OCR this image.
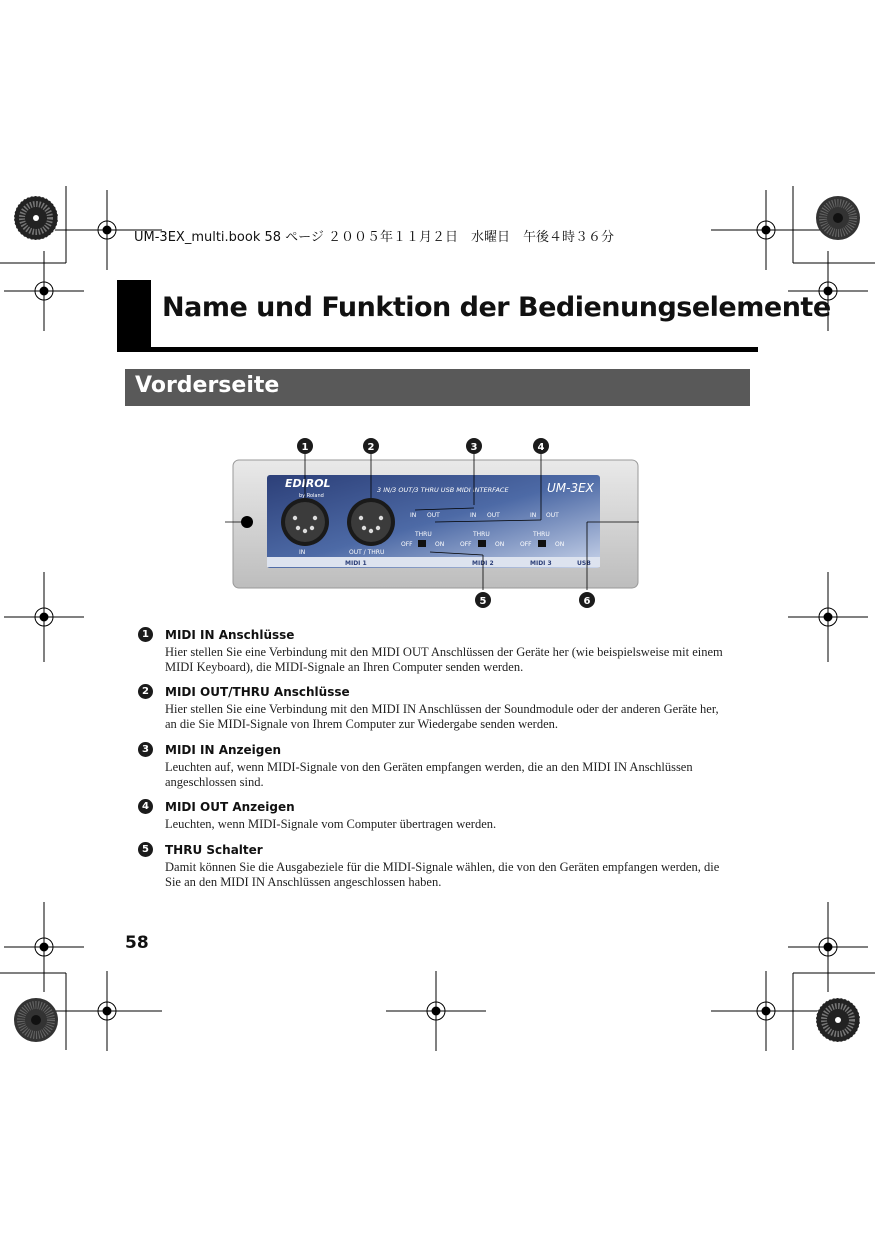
UM-3EX_multi.book 58 ページ ２００５年１１月２日　水曜日　午後４時３６分
Name und Funktion der Bedienungselemente
Vorderseite
EDIROL
by Roland
3 IN/3 OUT/3 THRU USB MIDI INTERFACE	UM-3EX
IN	OUT / THRU
IN OUT	IN OUT	IN OUT
THRU	THRU	THRU
OFF	ON	OFF	ON	OFF	ON
MIDI 1	MIDI 2	MIDI 3	USB
1	2	3	4
5	6
1	MIDI IN Anschlüsse
Hier stellen Sie eine Verbindung mit den MIDI OUT Anschlüssen der Geräte her (wie beispielsweise mit einem MIDI Keyboard), die MIDI-Signale an Ihren Computer senden werden.
2	MIDI OUT/THRU Anschlüsse
Hier stellen Sie eine Verbindung mit den MIDI IN Anschlüssen der Soundmodule oder der anderen Geräte her, an die Sie MIDI-Signale von Ihrem Computer zur Wiedergabe senden werden.
3	MIDI IN Anzeigen
Leuchten auf, wenn MIDI-Signale von den Geräten empfangen werden, die an den MIDI IN Anschlüssen angeschlossen sind.
4	MIDI OUT Anzeigen
Leuchten, wenn MIDI-Signale vom Computer übertragen werden.
5	THRU Schalter
Damit können Sie die Ausgabeziele für die MIDI-Signale wählen, die von den Geräten empfangen werden, die Sie an den MIDI IN Anschlüssen angeschlossen haben.
58
